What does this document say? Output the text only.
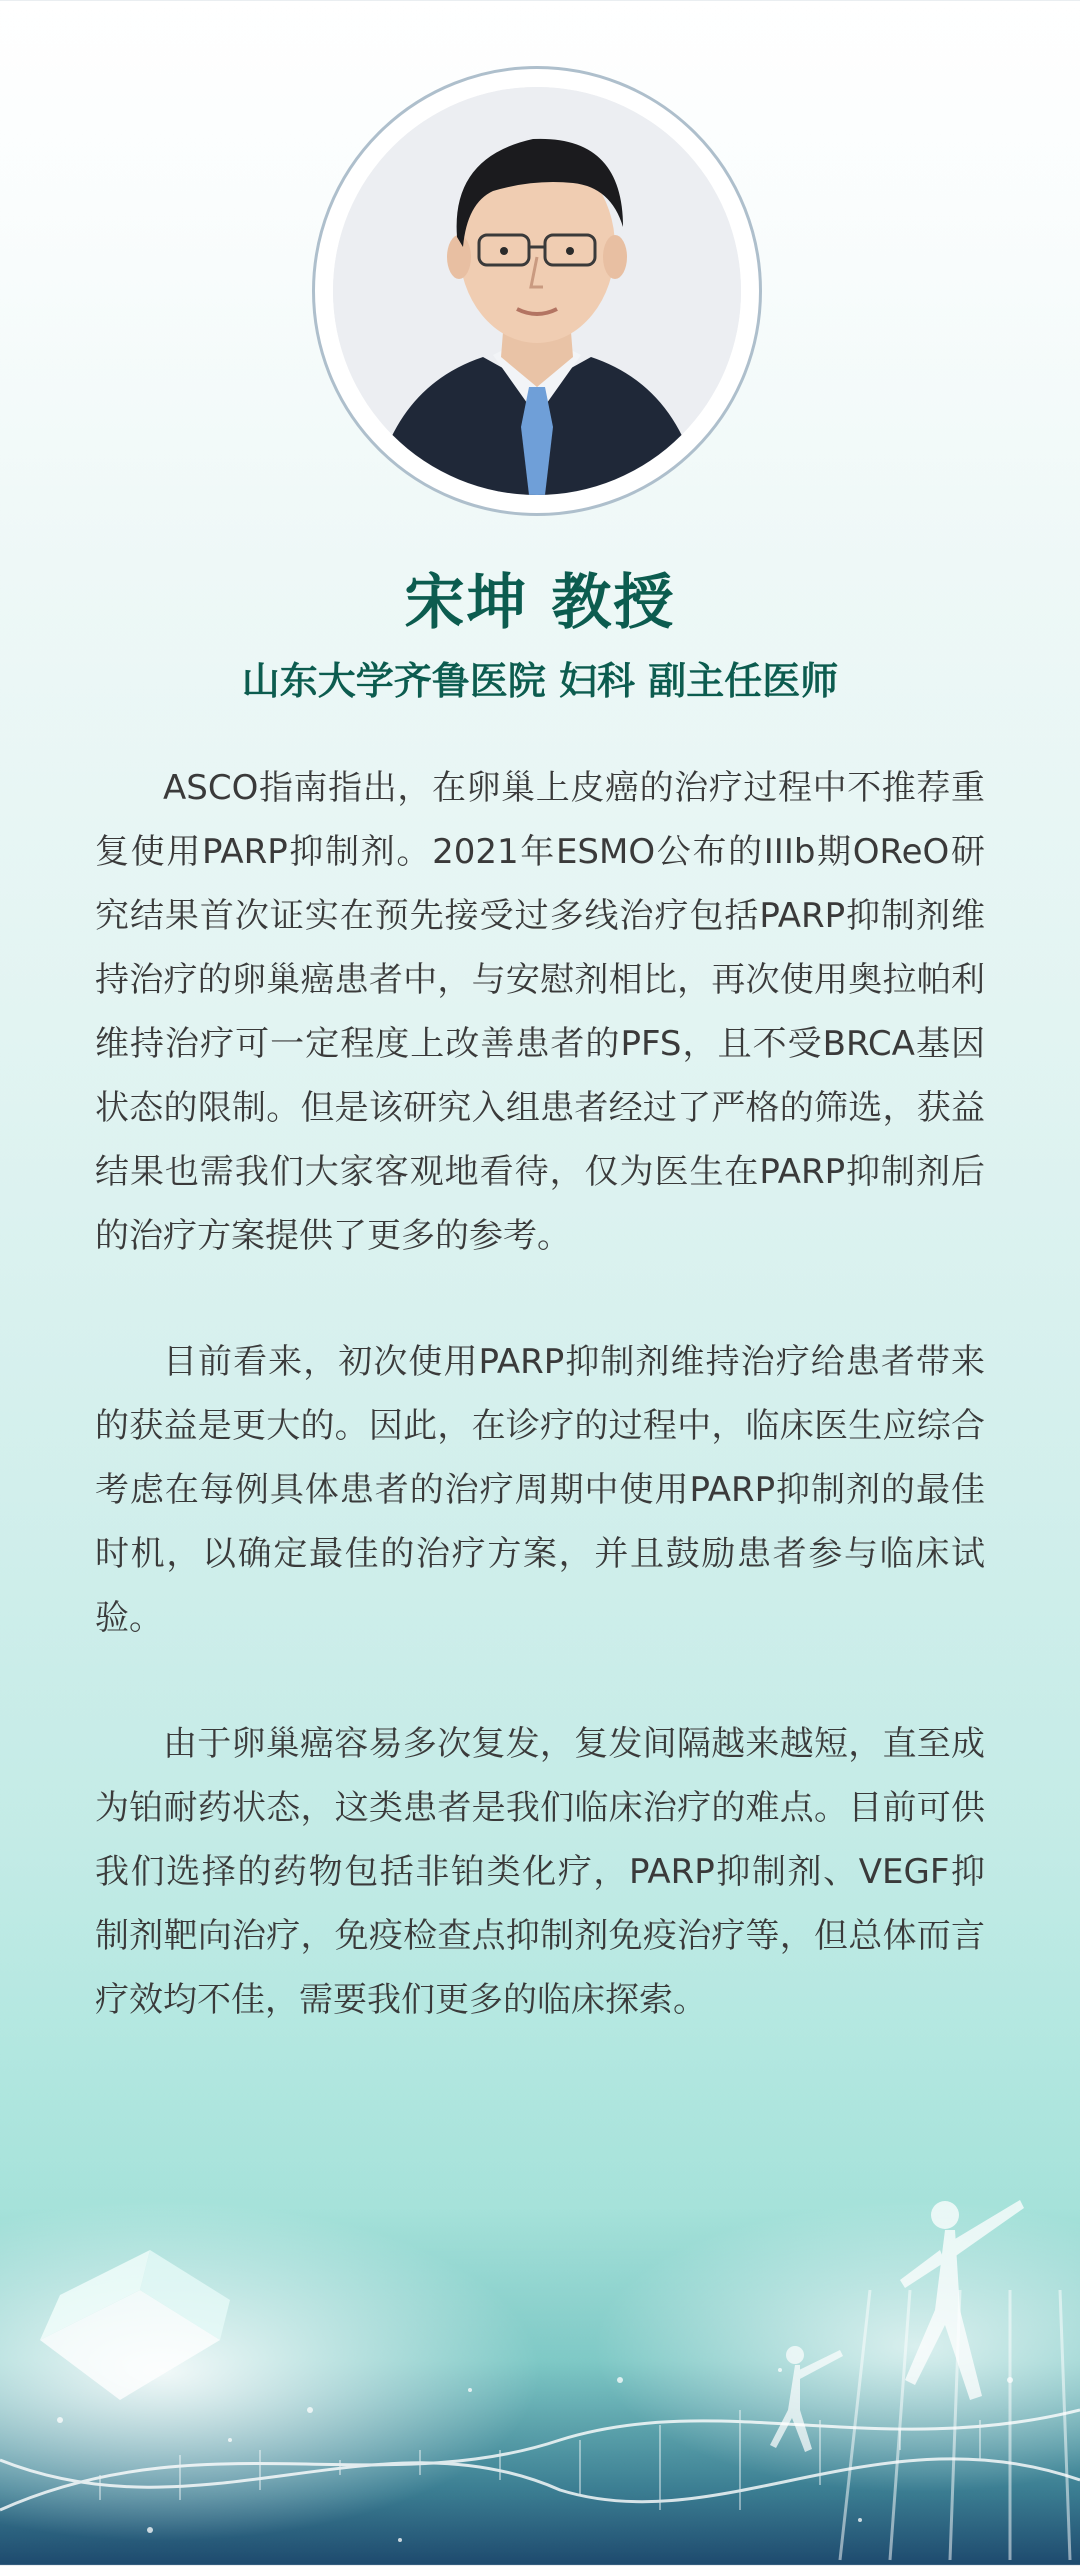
宋坤 教授
山东大学齐鲁医院 妇科 副主任医师

ASCO指南指出，在卵巢上皮癌的治疗过程中不推荐重复使用PARP抑制剂。2021年ESMO公布的IIIb期OReO研究结果首次证实在预先接受过多线治疗包括PARP抑制剂维持治疗的卵巢癌患者中，与安慰剂相比，再次使用奥拉帕利维持治疗可一定程度上改善患者的PFS，且不受BRCA基因状态的限制。但是该研究入组患者经过了严格的筛选，获益结果也需我们大家客观地看待，仅为医生在PARP抑制剂后的治疗方案提供了更多的参考。

目前看来，初次使用PARP抑制剂维持治疗给患者带来的获益是更大的。因此，在诊疗的过程中，临床医生应综合考虑在每例具体患者的治疗周期中使用PARP抑制剂的最佳时机，以确定最佳的治疗方案，并且鼓励患者参与临床试验。

由于卵巢癌容易多次复发，复发间隔越来越短，直至成为铂耐药状态，这类患者是我们临床治疗的难点。目前可供我们选择的药物包括非铂类化疗，PARP抑制剂、VEGF抑制剂靶向治疗，免疫检查点抑制剂免疫治疗等，但总体而言疗效均不佳，需要我们更多的临床探索。
